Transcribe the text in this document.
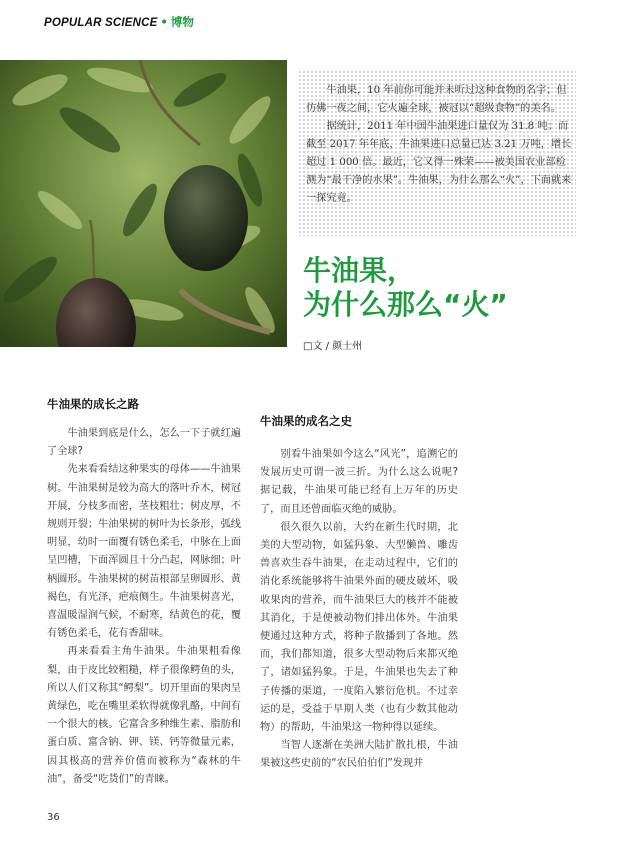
POPULAR SCIENCE • 博物

牛油果，10 年前你可能并未听过这种食物的名字；但仿佛一夜之间，它火遍全球，被冠以“超级食物”的美名。

据统计，2011 年中国牛油果进口量仅为 31.8 吨；而截至 2017 年年底，牛油果进口总量已达 3.21 万吨，增长超过 1 000 倍。最近，它又得一殊荣——被美国农业部检测为“最干净的水果”。牛油果，为什么那么“火”，下面就来一探究竟。

牛油果，
为什么那么“火”
□文 / 颜士州
牛油果的成长之路

牛油果到底是什么，怎么一下子就红遍了全球?

先来看看结这种果实的母体——牛油果树。牛油果树是较为高大的落叶乔木，树冠开展，分枝多而密，茎枝粗壮；树皮厚，不规则开裂；牛油果树的树叶为长条形，弧线明显，幼时一面覆有锈色柔毛，中脉在上面呈凹槽，下面浑圆且十分凸起，网脉细；叶柄圆形。牛油果树的树苗根部呈卵圆形、黄褐色，有光泽，疤痕侧生。牛油果树喜光，喜温暖湿润气候，不耐寒，结黄色的花，覆有锈色柔毛，花有香甜味。

再来看看主角牛油果。牛油果粗看像梨，由于皮比较粗糙，样子很像鳄鱼的头，所以人们又称其“鳄梨”。切开里面的果肉呈黄绿色，吃在嘴里柔软得就像乳酪，中间有一个很大的核。它富含多种维生素、脂肪和蛋白质、富含钠、钾、镁、钙等微量元素，因其极高的营养价值而被称为“森林的牛油”，备受“吃货们”的青睐。

牛油果的成名之史

别看牛油果如今这么“风光”，追溯它的发展历史可谓一波三折。为什么这么说呢? 据记载，牛油果可能已经有上万年的历史了，而且还曾面临灭绝的威胁。

很久很久以前，大约在新生代时期，北美的大型动物，如猛犸象、大型懒兽、雕齿兽喜欢生吞牛油果，在走动过程中，它们的消化系统能够将牛油果外面的硬皮破坏，吸收果肉的营养，而牛油果巨大的核并不能被其消化，于是便被动物们排出体外。牛油果便通过这种方式，将种子散播到了各地。然而，我们都知道，很多大型动物后来都灭绝了，诸如猛犸象。于是，牛油果也失去了种子传播的渠道，一度陷入繁衍危机。不过幸运的是，受益于早期人类（也有少数其他动物）的帮助，牛油果这一物种得以延续。

当智人逐渐在美洲大陆扩散扎根，牛油果被这些史前的“农民伯伯们”发现并

36
